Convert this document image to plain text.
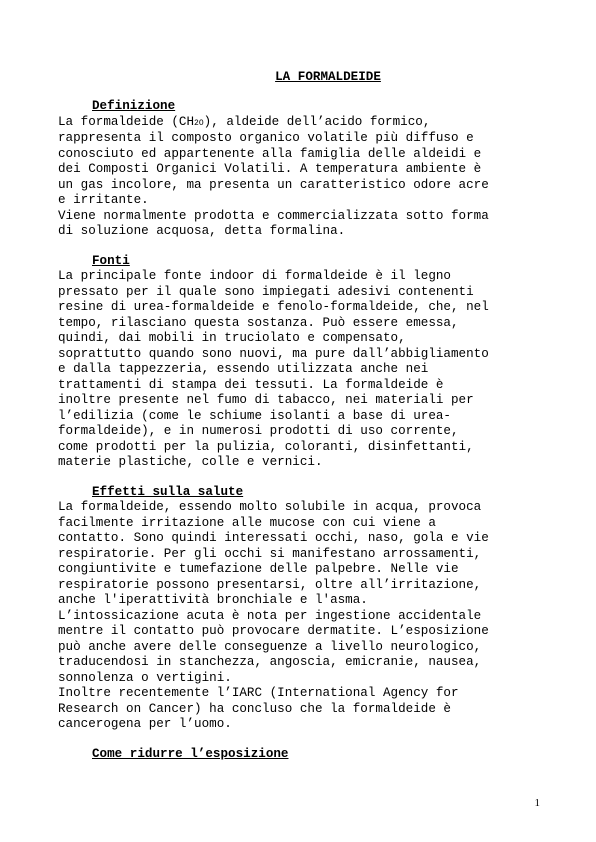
LA FORMALDEIDE
Definizione

La formaldeide (CH2O), aldeide dell’acido formico,
rappresenta il composto organico volatile più diffuso e
conosciuto ed appartenente alla famiglia delle aldeidi e
dei Composti Organici Volatili. A temperatura ambiente è
un gas incolore, ma presenta un caratteristico odore acre
e irritante.

Viene normalmente prodotta e commercializzata sotto forma
di soluzione acquosa, detta formalina.

Fonti

La principale fonte indoor di formaldeide è il legno
pressato per il quale sono impiegati adesivi contenenti
resine di urea-formaldeide e fenolo-formaldeide, che, nel
tempo, rilasciano questa sostanza. Può essere emessa,
quindi, dai mobili in truciolato e compensato,
soprattutto quando sono nuovi, ma pure dall’abbigliamento
e dalla tappezzeria, essendo utilizzata anche nei
trattamenti di stampa dei tessuti. La formaldeide è
inoltre presente nel fumo di tabacco, nei materiali per
l’edilizia (come le schiume isolanti a base di urea-
formaldeide), e in numerosi prodotti di uso corrente,
come prodotti per la pulizia, coloranti, disinfettanti,
materie plastiche, colle e vernici.

Effetti sulla salute

La formaldeide, essendo molto solubile in acqua, provoca
facilmente irritazione alle mucose con cui viene a
contatto. Sono quindi interessati occhi, naso, gola e vie
respiratorie. Per gli occhi si manifestano arrossamenti,
congiuntivite e tumefazione delle palpebre. Nelle vie
respiratorie possono presentarsi, oltre all’irritazione,
anche l'iperattività bronchiale e l'asma.

L’intossicazione acuta è nota per ingestione accidentale
mentre il contatto può provocare dermatite. L’esposizione
può anche avere delle conseguenze a livello neurologico,
traducendosi in stanchezza, angoscia, emicranie, nausea,
sonnolenza o vertigini.

Inoltre recentemente l’IARC (International Agency for
Research on Cancer) ha concluso che la formaldeide è
cancerogena per l’uomo.

Come ridurre l’esposizione
1
